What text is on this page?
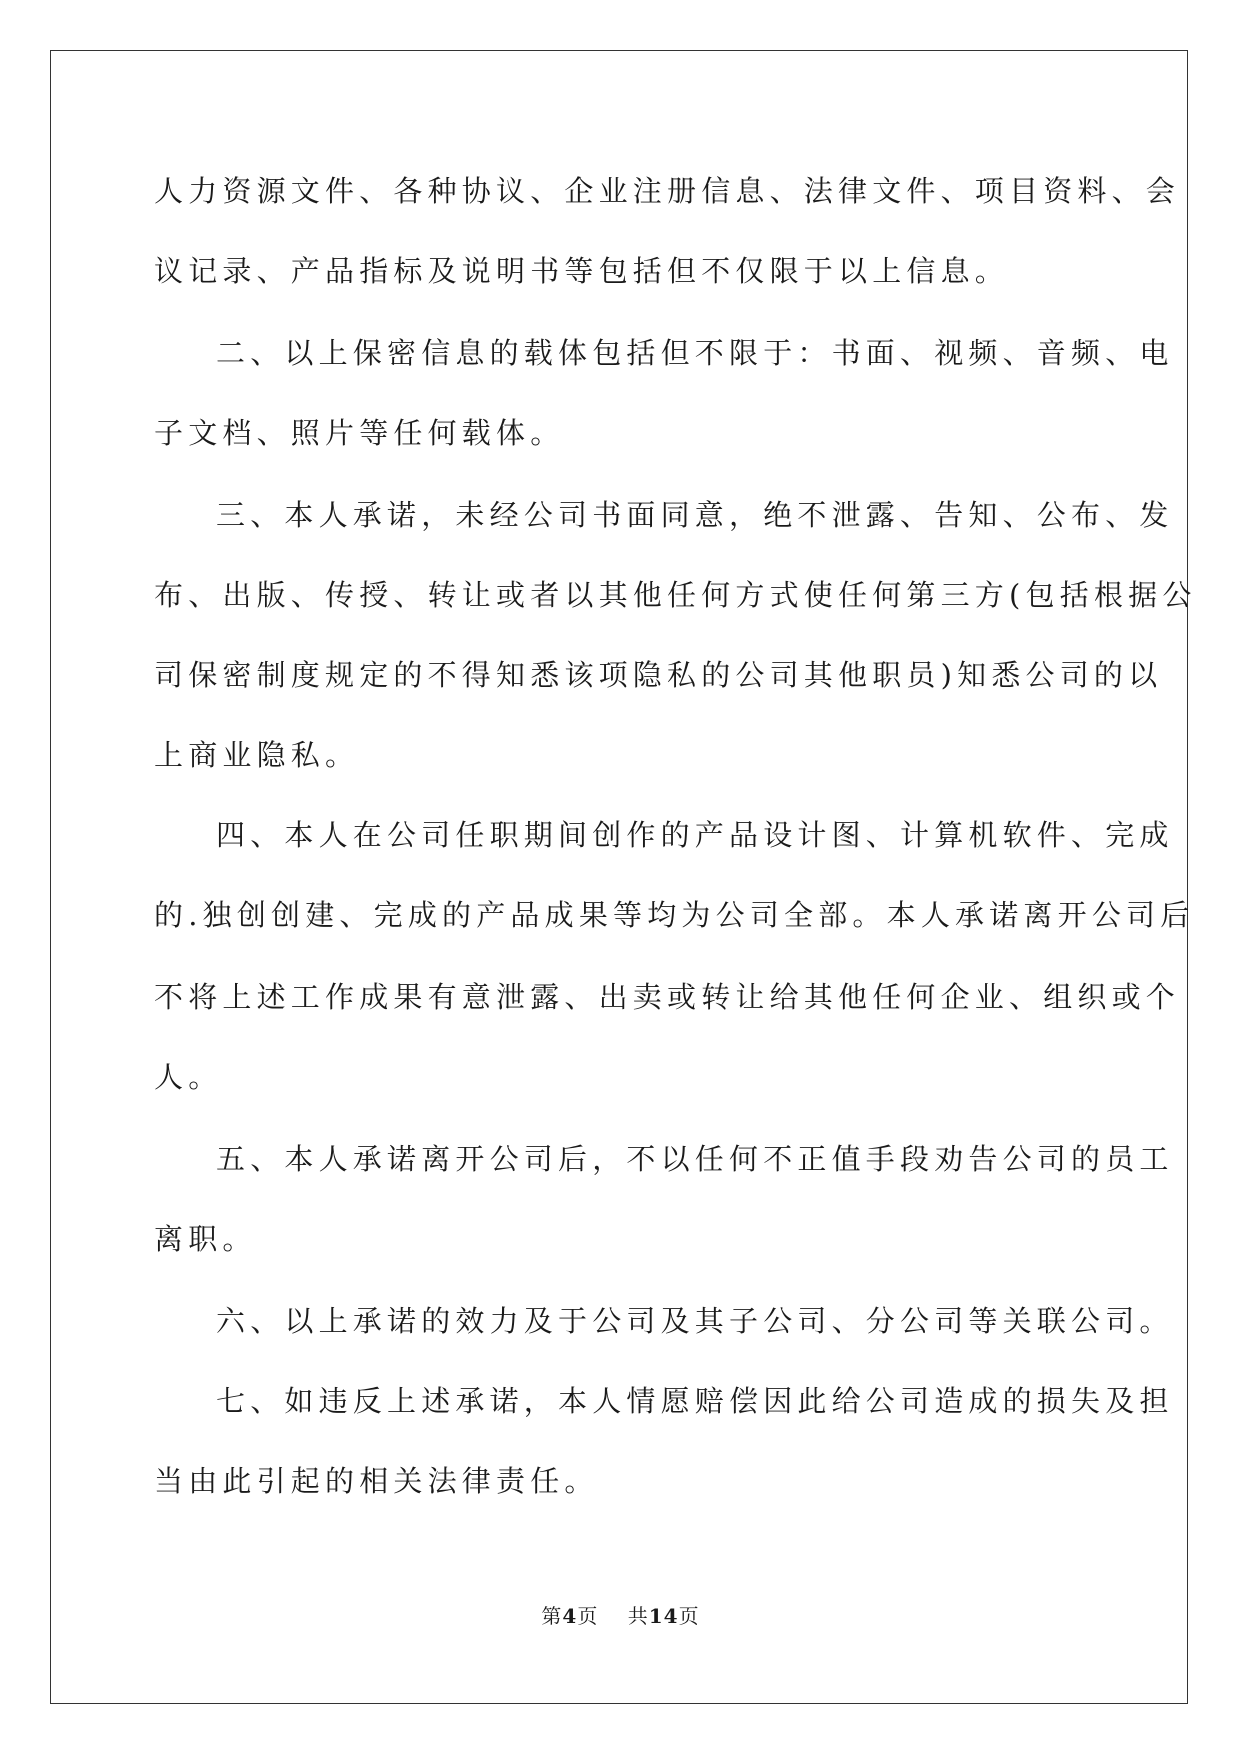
人力资源文件、各种协议、企业注册信息、法律文件、项目资料、会
议记录、产品指标及说明书等包括但不仅限于以上信息。
二、以上保密信息的载体包括但不限于：书面、视频、音频、电
子文档、照片等任何载体。
三、本人承诺，未经公司书面同意，绝不泄露、告知、公布、发
布、出版、传授、转让或者以其他任何方式使任何第三方(包括根据公
司保密制度规定的不得知悉该项隐私的公司其他职员)知悉公司的以
上商业隐私。
四、本人在公司任职期间创作的产品设计图、计算机软件、完成
的.独创创建、完成的产品成果等均为公司全部。本人承诺离开公司后
不将上述工作成果有意泄露、出卖或转让给其他任何企业、组织或个
人。
五、本人承诺离开公司后，不以任何不正值手段劝告公司的员工
离职。
六、以上承诺的效力及于公司及其子公司、分公司等关联公司。
七、如违反上述承诺，本人情愿赔偿因此给公司造成的损失及担
当由此引起的相关法律责任。
第4页 共14页
